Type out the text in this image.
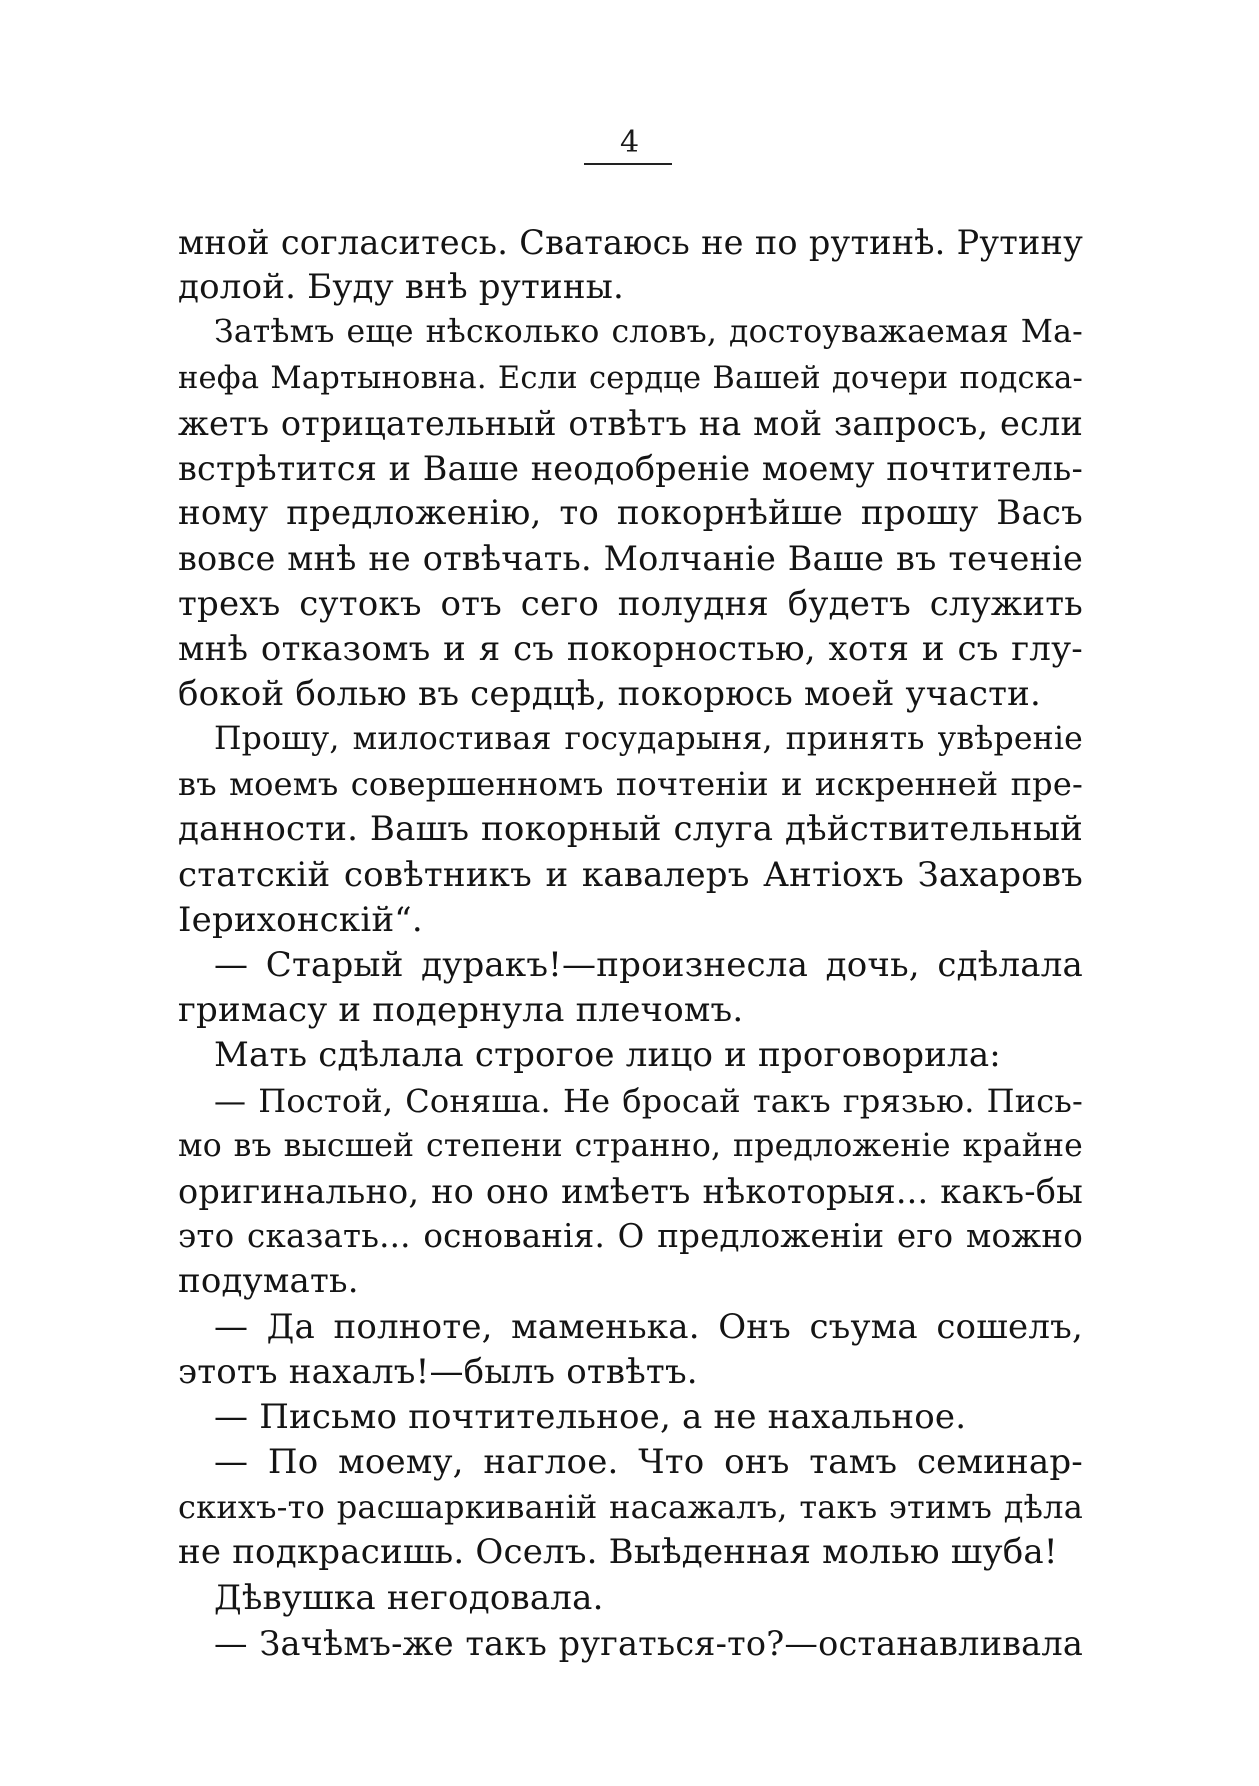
4
мной согласитесь. Сватаюсь не по рутинѣ. Рутину
долой. Буду внѣ рутины.
Затѣмъ еще нѣсколько словъ, достоуважаемая Ма-
нефа Мартыновна. Если сердце Вашей дочери подска-
жетъ отрицательный отвѣтъ на мой запросъ, если
встрѣтится и Ваше неодобреніе моему почтитель-
ному предложенію, то покорнѣйше прошу Васъ
вовсе мнѣ не отвѣчать. Молчаніе Ваше въ теченіе
трехъ сутокъ отъ сего полудня будетъ служить
мнѣ отказомъ и я съ покорностью, хотя и съ глу-
бокой болью въ сердцѣ, покорюсь моей участи.
Прошу, милостивая государыня, принять увѣреніе
въ моемъ совершенномъ почтеніи и искренней пре-
данности. Вашъ покорный слуга дѣйствительный
статскій совѣтникъ и кавалеръ Антіохъ Захаровъ
Іерихонскій“.
— Старый дуракъ!—произнесла дочь, сдѣлала
гримасу и подернула плечомъ.
Мать сдѣлала строгое лицо и проговорила:
— Постой, Соняша. Не бросай такъ грязью. Пись-
мо въ высшей степени странно, предложеніе крайне
оригинально, но оно имѣетъ нѣкоторыя... какъ-бы
это сказать... основанія. О предложеніи его можно
подумать.
— Да полноте, маменька. Онъ съума сошелъ,
этотъ нахалъ!—былъ отвѣтъ.
— Письмо почтительное, а не нахальное.
— По моему, наглое. Что онъ тамъ семинар-
скихъ-то расшаркиваній насажалъ, такъ этимъ дѣла
не подкрасишь. Оселъ. Выѣденная молью шуба!
Дѣвушка негодовала.
— Зачѣмъ-же такъ ругаться-то?—останавливала
